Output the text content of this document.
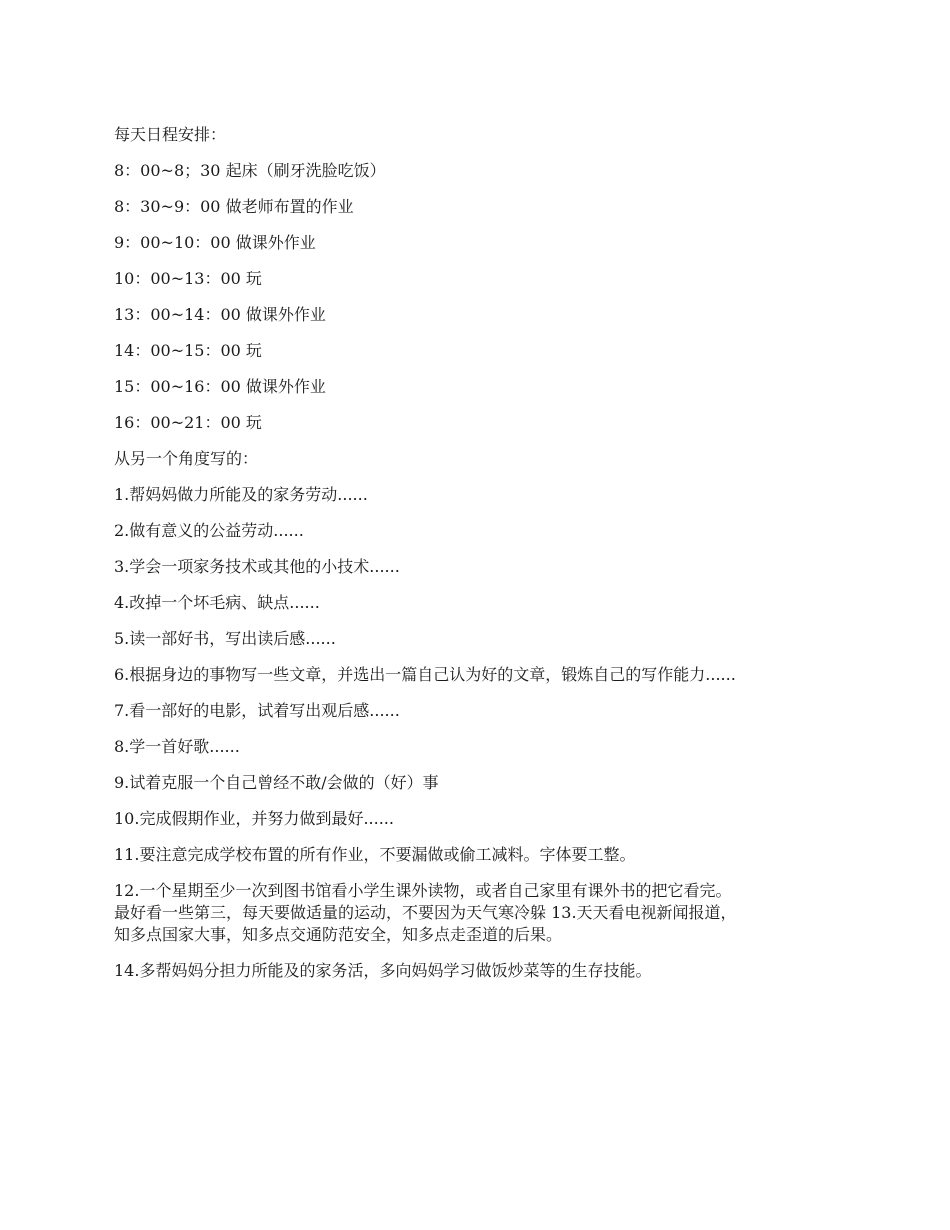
每天日程安排：
8：00~8；30 起床（刷牙洗脸吃饭）
8：30~9：00 做老师布置的作业
9：00~10：00 做课外作业
10：00~13：00 玩
13：00~14：00 做课外作业
14：00~15：00 玩
15：00~16：00 做课外作业
16：00~21：00 玩
从另一个角度写的：
1.帮妈妈做力所能及的家务劳动......
2.做有意义的公益劳动......
3.学会一项家务技术或其他的小技术......
4.改掉一个坏毛病、缺点......
5.读一部好书，写出读后感......
6.根据身边的事物写一些文章，并选出一篇自己认为好的文章，锻炼自己的写作能力......
7.看一部好的电影，试着写出观后感......
8.学一首好歌......
9.试着克服一个自己曾经不敢/会做的（好）事
10.完成假期作业，并努力做到最好......
11.要注意完成学校布置的所有作业，不要漏做或偷工减料。字体要工整。
12.一个星期至少一次到图书馆看小学生课外读物，或者自己家里有课外书的把它看完。
最好看一些第三，每天要做适量的运动，不要因为天气寒冷躲 13.天天看电视新闻报道，
知多点国家大事，知多点交通防范安全，知多点走歪道的后果。
14.多帮妈妈分担力所能及的家务活，多向妈妈学习做饭炒菜等的生存技能。
